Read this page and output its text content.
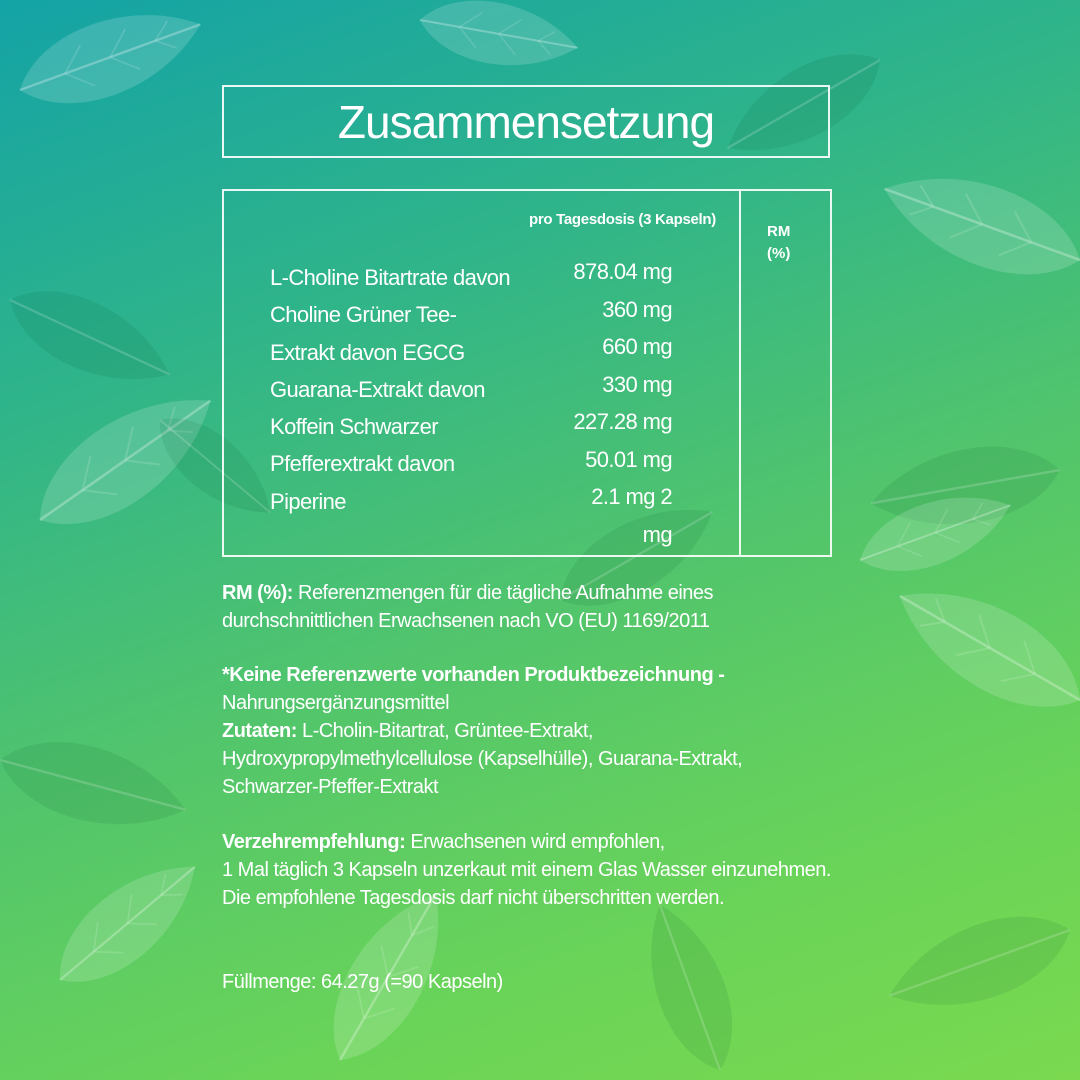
Zusammensetzung
pro Tagesdosis (3 Kapseln)
RM
(%)
L-Choline Bitartrate davon
Choline Grüner Tee-
Extrakt davon EGCG
Guarana-Extrakt davon
Koffein Schwarzer
Pfefferextrakt davon
Piperine
878.04 mg
360 mg
660 mg
330 mg
227.28 mg
50.01 mg
2.1 mg 2
mg
RM (%): Referenzmengen für die tägliche Aufnahme eines
durchschnittlichen Erwachsenen nach VO (EU) 1169/2011
*Keine Referenzwerte vorhanden Produktbezeichnung -
Nahrungsergänzungsmittel
Zutaten: L-Cholin-Bitartrat, Grüntee-Extrakt,
Hydroxypropylmethylcellulose (Kapselhülle), Guarana-Extrakt,
Schwarzer-Pfeffer-Extrakt
Verzehrempfehlung: Erwachsenen wird empfohlen,
1 Mal täglich 3 Kapseln unzerkaut mit einem Glas Wasser einzunehmen.
Die empfohlene Tagesdosis darf nicht überschritten werden.
Füllmenge: 64.27g (=90 Kapseln)
